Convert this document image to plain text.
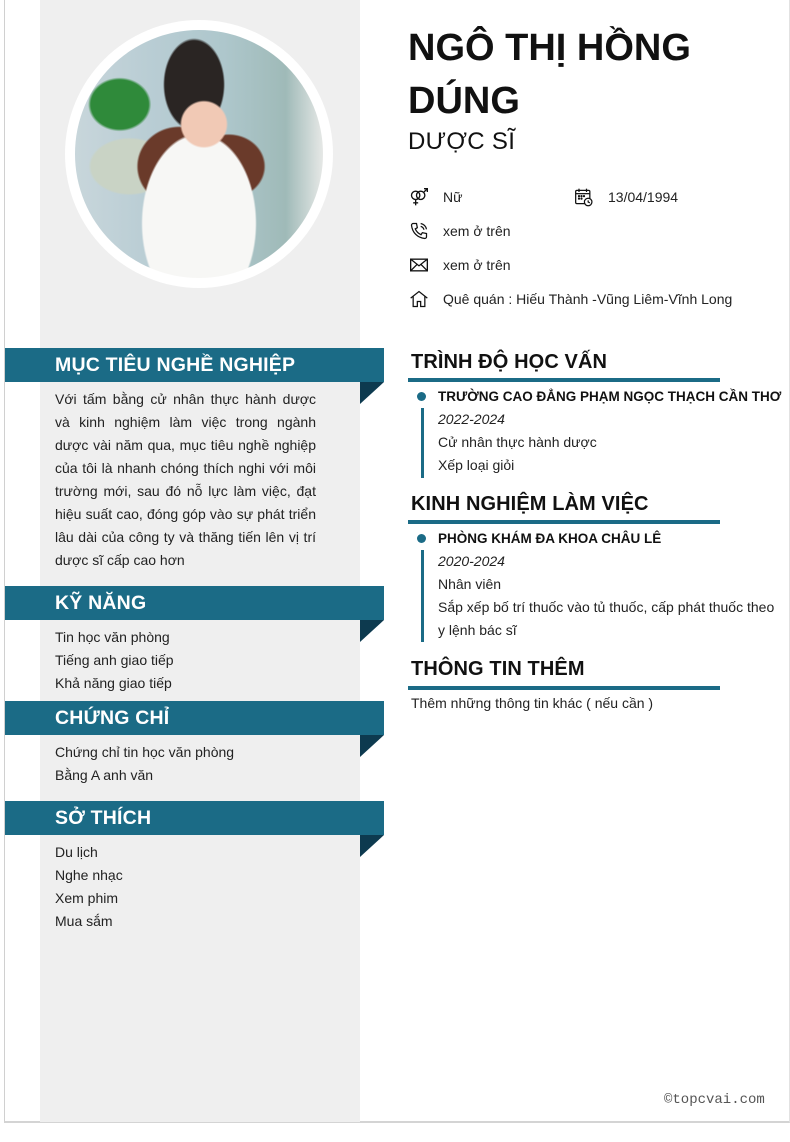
NGÔ THỊ HỒNG DÚNG
DƯỢC SĨ
Nữ	13/04/1994
xem ở trên
xem ở trên
Quê quán : Hiếu Thành -Vũng Liêm-Vĩnh Long
MỤC TIÊU NGHỀ NGHIỆP
Với tấm bằng cử nhân thực hành dược và kinh nghiệm làm việc trong ngành dược vài năm qua, mục tiêu nghề nghiệp của tôi là nhanh chóng thích nghi với môi trường mới, sau đó nỗ lực làm việc, đạt hiệu suất cao, đóng góp vào sự phát triển lâu dài của công ty và thăng tiến lên vị trí dược sĩ cấp cao hơn
KỸ NĂNG
Tin học văn phòng
Tiếng anh giao tiếp
Khả năng giao tiếp
CHỨNG CHỈ
Chứng chỉ tin học văn phòng
Bằng A anh văn
SỞ THÍCH
Du lịch
Nghe nhạc
Xem phim
Mua sắm
TRÌNH ĐỘ HỌC VẤN
TRƯỜNG CAO ĐẲNG PHẠM NGỌC THẠCH CẦN THƠ
2022-2024
Cử nhân thực hành dược
Xếp loại giỏi
KINH NGHIỆM LÀM VIỆC
PHÒNG KHÁM ĐA KHOA CHÂU LÊ
2020-2024
Nhân viên
Sắp xếp bố trí thuốc vào tủ thuốc, cấp phát thuốc theo y lệnh bác sĩ
THÔNG TIN THÊM
Thêm những thông tin khác ( nếu cần )
©topcvai.com
